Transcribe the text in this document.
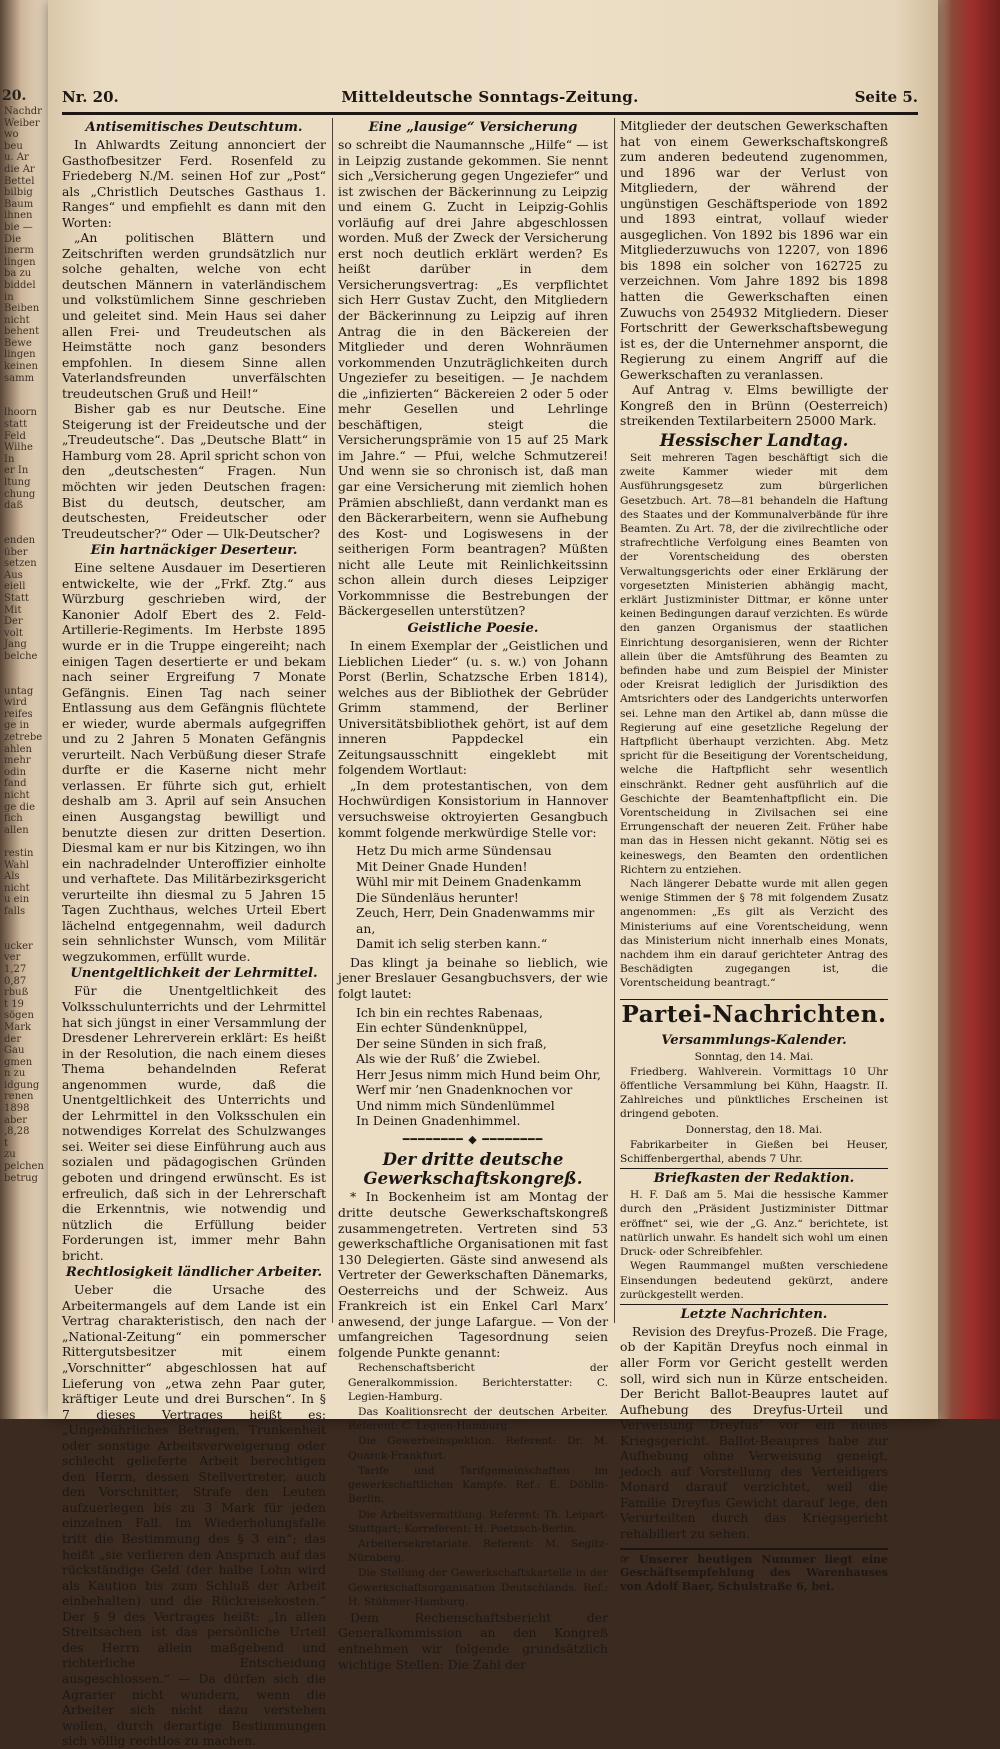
20.
Nachdr
Weiber
wo
beu
u. Ar
die Ar
Bettel
bilbig
Baum
ihnen
bie —
Die
inerm
lingen
ba zu
biddel
in
Beiben
nicht
behent
Bewe
lingen
keinen
samm

lhoorn
statt
Feld
Wilhe
In
er In
ltung
chung
daß

enden
über
setzen
Aus
eiell
Statt
Mit
Der
volt
Jang
belche

untag
wird
reifes
ge in
zetrebe
ahlen
mehr
odin
fand
nicht
ge die
fich
allen

restin
Wahl
Als
nicht
u ein
falls

ucker
ver
1,27
0,87
rbuß
t 19
sögen
Mark
der
Gau
gmen
n zu
idgung
renen
1898
aber
,8,28
t
zu
pelchen
betrug
Nr. 20.	Mitteldeutsche Sonntags-Zeitung.	Seite 5.
Antisemitisches Deutschtum.

In Ahlwardts Zeitung annonciert der Gasthofbesitzer Ferd. Rosenfeld zu Friedeberg N./M. seinen Hof zur „Post“ als „Christlich Deutsches Gasthaus 1. Ranges“ und empfiehlt es dann mit den Worten:

„An politischen Blättern und Zeitschriften werden grundsätzlich nur solche gehalten, welche von echt deutschen Männern in vaterländischem und volkstümlichem Sinne geschrieben und geleitet sind. Mein Haus sei daher allen Frei- und Treudeutschen als Heimstätte noch ganz besonders empfohlen. In diesem Sinne allen Vaterlandsfreunden unverfälschten treudeutschen Gruß und Heil!“

Bisher gab es nur Deutsche. Eine Steigerung ist der Freideutsche und der „Treudeutsche“. Das „Deutsche Blatt“ in Hamburg vom 28. April spricht schon von den „deutschesten“ Fragen. Nun möchten wir jeden Deutschen fragen: Bist du deutsch, deutscher, am deutschesten, Freideutscher oder Treudeutscher?“ Oder — Ulk-Deutscher?

Ein hartnäckiger Deserteur.

Eine seltene Ausdauer im Desertieren entwickelte, wie der „Frkf. Ztg.“ aus Würzburg geschrieben wird, der Kanonier Adolf Ebert des 2. Feld-Artillerie-Regiments. Im Herbste 1895 wurde er in die Truppe eingereiht; nach einigen Tagen desertierte er und bekam nach seiner Ergreifung 7 Monate Gefängnis. Einen Tag nach seiner Entlassung aus dem Gefängnis flüchtete er wieder, wurde abermals aufgegriffen und zu 2 Jahren 5 Monaten Gefängnis verurteilt. Nach Verbüßung dieser Strafe durfte er die Kaserne nicht mehr verlassen. Er führte sich gut, erhielt deshalb am 3. April auf sein Ansuchen einen Ausgangstag bewilligt und benutzte diesen zur dritten Desertion. Diesmal kam er nur bis Kitzingen, wo ihn ein nachradelnder Unteroffizier einholte und verhaftete. Das Militärbezirksgericht verurteilte ihn diesmal zu 5 Jahren 15 Tagen Zuchthaus, welches Urteil Ebert lächelnd entgegennahm, weil dadurch sein sehnlichster Wunsch, vom Militär wegzukommen, erfüllt wurde.

Unentgeltlichkeit der Lehrmittel.

Für die Unentgeltlichkeit des Volksschulunterrichts und der Lehrmittel hat sich jüngst in einer Versammlung der Dresdener Lehrerverein erklärt: Es heißt in der Resolution, die nach einem dieses Thema behandelnden Referat angenommen wurde, daß die Unentgeltlichkeit des Unterrichts und der Lehrmittel in den Volksschulen ein notwendiges Korrelat des Schulzwanges sei. Weiter sei diese Einführung auch aus sozialen und pädagogischen Gründen geboten und dringend erwünscht. Es ist erfreulich, daß sich in der Lehrerschaft die Erkenntnis, wie notwendig und nützlich die Erfüllung beider Forderungen ist, immer mehr Bahn bricht.

Rechtlosigkeit ländlicher Arbeiter.

Ueber die Ursache des Arbeitermangels auf dem Lande ist ein Vertrag charakteristisch, den nach der „National-Zeitung“ ein pommerscher Rittergutsbesitzer mit einem „Vorschnitter“ abgeschlossen hat auf Lieferung von „etwa zehn Paar guter, kräftiger Leute und drei Burschen“. In § 7 dieses Vertrages heißt es: „Ungebührliches Betragen, Trunkenheit oder sonstige Arbeitsverweigerung oder schlecht gelieferte Arbeit berechtigen den Herrn, dessen Stellvertreter, auch den Vorschnitter, Strafe den Leuten aufzuerlegen bis zu 3 Mark für jeden einzelnen Fall. Im Wiederholungsfalle tritt die Bestimmung des § 3 ein“; das heißt „sie verlieren den Anspruch auf das rückständige Geld (der halbe Lohn wird als Kaution bis zum Schluß der Arbeit einbehalten) und die Rückreisekosten.“ Der § 9 des Vertrages heißt: „In allen Streitsachen ist das persönliche Urteil des Herrn allein maßgebend und richterliche Entscheidung ausgeschlossen.“ — Da dürfen sich die Agrarier nicht wundern, wenn die Arbeiter sich nicht dazu verstehen wollen, durch derartige Bestimmungen sich völlig rechtlos zu machen.

Eine „lausige“ Versicherung

so schreibt die Naumannsche „Hilfe“ — ist in Leipzig zustande gekommen. Sie nennt sich „Versicherung gegen Ungeziefer“ und ist zwischen der Bäckerinnung zu Leipzig und einem G. Zucht in Leipzig-Gohlis vorläufig auf drei Jahre abgeschlossen worden. Muß der Zweck der Versicherung erst noch deutlich erklärt werden? Es heißt darüber in dem Versicherungsvertrag: „Es verpflichtet sich Herr Gustav Zucht, den Mitgliedern der Bäckerinnung zu Leipzig auf ihren Antrag die in den Bäckereien der Mitglieder und deren Wohnräumen vorkommenden Unzuträglichkeiten durch Ungeziefer zu beseitigen. — Je nachdem die „infizierten“ Bäckereien 2 oder 5 oder mehr Gesellen und Lehrlinge beschäftigen, steigt die Versicherungsprämie von 15 auf 25 Mark im Jahre.“ — Pfui, welche Schmutzerei! Und wenn sie so chronisch ist, daß man gar eine Versicherung mit ziemlich hohen Prämien abschließt, dann verdankt man es den Bäckerarbeitern, wenn sie Aufhebung des Kost- und Logiswesens in der seitherigen Form beantragen? Müßten nicht alle Leute mit Reinlichkeitssinn schon allein durch dieses Leipziger Vorkommnisse die Bestrebungen der Bäckergesellen unterstützen?

Geistliche Poesie.

In einem Exemplar der „Geistlichen und Lieblichen Lieder“ (u. s. w.) von Johann Porst (Berlin, Schatzsche Erben 1814), welches aus der Bibliothek der Gebrüder Grimm stammend, der Berliner Universitätsbibliothek gehört, ist auf dem inneren Pappdeckel ein Zeitungsausschnitt eingeklebt mit folgendem Wortlaut:

„In dem protestantischen, von dem Hochwürdigen Konsistorium in Hannover versuchsweise oktroyierten Gesangbuch kommt folgende merkwürdige Stelle vor:

Hetz Du mich arme Sündensau
Mit Deiner Gnade Hunden!
Wühl mir mit Deinem Gnadenkamm
Die Sündenläus herunter!
Zeuch, Herr, Dein Gnadenwamms mir an,
Damit ich selig sterben kann.“

Das klingt ja beinahe so lieblich, wie jener Breslauer Gesangbuchsvers, der wie folgt lautet:

Ich bin ein rechtes Rabenaas,
Ein echter Sündenknüppel,
Der seine Sünden in sich fraß,
Als wie der Ruß’ die Zwiebel.
Herr Jesus nimm mich Hund beim Ohr,
Werf mir ’nen Gnadenknochen vor
Und nimm mich Sündenlümmel
In Deinen Gnadenhimmel.
━━━━━━━━ ◆ ━━━━━━━━
Der dritte deutsche Gewerkschaftskongreß.

* In Bockenheim ist am Montag der dritte deutsche Gewerkschaftskongreß zusammengetreten. Vertreten sind 53 gewerkschaftliche Organisationen mit fast 130 Delegierten. Gäste sind anwesend als Vertreter der Gewerkschaften Dänemarks, Oesterreichs und der Schweiz. Aus Frankreich ist ein Enkel Carl Marx’ anwesend, der junge Lafargue. — Von der umfangreichen Tagesordnung seien folgende Punkte genannt:

Rechenschaftsbericht der Generalkommission. Berichterstatter: C. Legien-Hamburg.

Das Koalitionsrecht der deutschen Arbeiter. Referent: C. Legien-Hamburg.

Die Gewerbeinspektion. Referent: Dr. M. Quarck-Frankfurt.

Tarife und Tarifgemeinschaften im gewerkschaftlichen Kampfe. Ref.: E. Döblin-Berlin.

Die Arbeitsvermittlung. Referent: Th. Leipart-Stuttgart; Korreferent: H. Poetzsch-Berlin.

Arbeitersekretariate. Referent: M. Segitz-Nürnberg.

Die Stellung der Gewerkschaftskartelle in der Gewerkschaftsorganisation Deutschlands. Ref.: H. Stühmer-Hamburg.

Dem Rechenschaftsbericht der Generalkommission an den Kongreß entnehmen wir folgende grundsätzlich wichtige Stellen: Die Zahl der

Mitglieder der deutschen Gewerkschaften hat von einem Gewerkschaftskongreß zum anderen bedeutend zugenommen, und 1896 war der Verlust von Mitgliedern, der während der ungünstigen Geschäftsperiode von 1892 und 1893 eintrat, vollauf wieder ausgeglichen. Von 1892 bis 1896 war ein Mitgliederzuwuchs von 12207, von 1896 bis 1898 ein solcher von 162725 zu verzeichnen. Vom Jahre 1892 bis 1898 hatten die Gewerkschaften einen Zuwuchs von 254932 Mitgliedern. Dieser Fortschritt der Gewerkschaftsbewegung ist es, der die Unternehmer anspornt, die Regierung zu einem Angriff auf die Gewerkschaften zu veranlassen.

Auf Antrag v. Elms bewilligte der Kongreß den in Brünn (Oesterreich) streikenden Textilarbeitern 25000 Mark.

Hessischer Landtag.

Seit mehreren Tagen beschäftigt sich die zweite Kammer wieder mit dem Ausführungsgesetz zum bürgerlichen Gesetzbuch. Art. 78—81 behandeln die Haftung des Staates und der Kommunalverbände für ihre Beamten. Zu Art. 78, der die zivilrechtliche oder strafrechtliche Verfolgung eines Beamten von der Vorentscheidung des obersten Verwaltungsgerichts oder einer Erklärung der vorgesetzten Ministerien abhängig macht, erklärt Justizminister Dittmar, er könne unter keinen Bedingungen darauf verzichten. Es würde den ganzen Organismus der staatlichen Einrichtung desorganisieren, wenn der Richter allein über die Amtsführung des Beamten zu befinden habe und zum Beispiel der Minister oder Kreisrat lediglich der Jurisdiktion des Amtsrichters oder des Landgerichts unterworfen sei. Lehne man den Artikel ab, dann müsse die Regierung auf eine gesetzliche Regelung der Haftpflicht überhaupt verzichten. Abg. Metz spricht für die Beseitigung der Vorentscheidung, welche die Haftpflicht sehr wesentlich einschränkt. Redner geht ausführlich auf die Geschichte der Beamtenhaftpflicht ein. Die Vorentscheidung in Zivilsachen sei eine Errungenschaft der neueren Zeit. Früher habe man das in Hessen nicht gekannt. Nötig sei es keineswegs, den Beamten den ordentlichen Richtern zu entziehen.

Nach längerer Debatte wurde mit allen gegen wenige Stimmen der § 78 mit folgendem Zusatz angenommen: „Es gilt als Verzicht des Ministeriums auf eine Vorentscheidung, wenn das Ministerium nicht innerhalb eines Monats, nachdem ihm ein darauf gerichteter Antrag des Beschädigten zugegangen ist, die Vorentscheidung beantragt.“

Partei-Nachrichten.
Versammlungs-Kalender.

Sonntag, den 14. Mai.

Friedberg. Wahlverein. Vormittags 10 Uhr öffentliche Versammlung bei Kühn, Haagstr. II. Zahlreiches und pünktliches Erscheinen ist dringend geboten.

Donnerstag, den 18. Mai.

Fabrikarbeiter in Gießen bei Heuser, Schiffenbergerthal, abends 7 Uhr.

Briefkasten der Redaktion.

H. F. Daß am 5. Mai die hessische Kammer durch den „Präsident Justizminister Dittmar eröffnet“ sei, wie der „G. Anz.“ berichtete, ist natürlich unwahr. Es handelt sich wohl um einen Druck- oder Schreibfehler.

Wegen Raummangel mußten verschiedene Einsendungen bedeutend gekürzt, andere zurückgestellt werden.

Letzte Nachrichten.

Revision des Dreyfus-Prozeß. Die Frage, ob der Kapitän Dreyfus noch einmal in aller Form vor Gericht gestellt werden soll, wird sich nun in Kürze entscheiden. Der Bericht Ballot-Beaupres lautet auf Aufhebung des Dreyfus-Urteil und Verweisung Dreyfus’ vor ein neues Kriegsgericht. Ballot-Beaupres habe zur Aufhebung ohne Verweisung geneigt, jedoch auf Vorstellung des Verteidigers Monard darauf verzichtet, weil die Familie Dreyfus Gewicht darauf lege, den Verurteilten durch das Kriegsgericht rehabiliert zu sehen.

☞ Unserer heutigen Nummer liegt eine Geschäftsempfehlung des Warenhauses von Adolf Baer, Schulstraße 6, bei.
